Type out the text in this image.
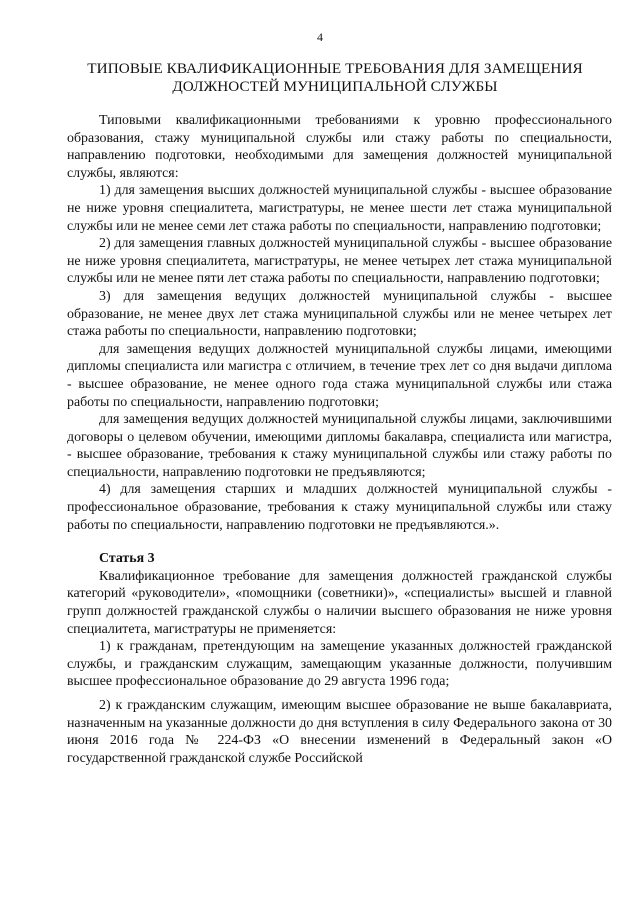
4
ТИПОВЫЕ КВАЛИФИКАЦИОННЫЕ ТРЕБОВАНИЯ ДЛЯ ЗАМЕЩЕНИЯ
ДОЛЖНОСТЕЙ МУНИЦИПАЛЬНОЙ СЛУЖБЫ

Типовыми квалификационными требованиями к уровню профессионального образования, стажу муниципальной службы или стажу работы по специальности, направлению подготовки, необходимыми для замещения должностей муниципальной службы, являются:

1) для замещения высших должностей муниципальной службы - высшее образование не ниже уровня специалитета, магистратуры, не менее шести лет стажа муниципальной службы или не менее семи лет стажа работы по специальности, направлению подготовки;

2) для замещения главных должностей муниципальной службы - высшее образование не ниже уровня специалитета, магистратуры, не менее четырех лет стажа муниципальной службы или не менее пяти лет стажа работы по специальности, направлению подготовки;

3) для замещения ведущих должностей муниципальной службы - высшее образование, не менее двух лет стажа муниципальной службы или не менее четырех лет стажа работы по специальности, направлению подготовки;

для замещения ведущих должностей муниципальной службы лицами, имеющими дипломы специалиста или магистра с отличием, в течение трех лет со дня выдачи диплома - высшее образование, не менее одного года стажа муниципальной службы или стажа работы по специальности, направлению подготовки;

для замещения ведущих должностей муниципальной службы лицами, заключившими договоры о целевом обучении, имеющими дипломы бакалавра, специалиста или магистра, - высшее образование, требования к стажу муниципальной службы или стажу работы по специальности, направлению подготовки не предъявляются;

4) для замещения старших и младших должностей муниципальной службы - профессиональное образование, требования к стажу муниципальной службы или стажу работы по специальности, направлению подготовки не предъявляются.».

Статья 3

Квалификационное требование для замещения должностей гражданской службы категорий «руководители», «помощники (советники)», «специалисты» высшей и главной групп должностей гражданской службы о наличии высшего образования не ниже уровня специалитета, магистратуры не применяется:

1) к гражданам, претендующим на замещение указанных должностей гражданской службы, и гражданским служащим, замещающим указанные должности, получившим высшее профессиональное образование до 29 августа 1996 года;

2) к гражданским служащим, имеющим высшее образование не выше бакалавриата, назначенным на указанные должности до дня вступления в силу Федерального закона от 30 июня 2016 года № 224-ФЗ «О внесении изменений в Федеральный закон «О государственной гражданской службе Российской
